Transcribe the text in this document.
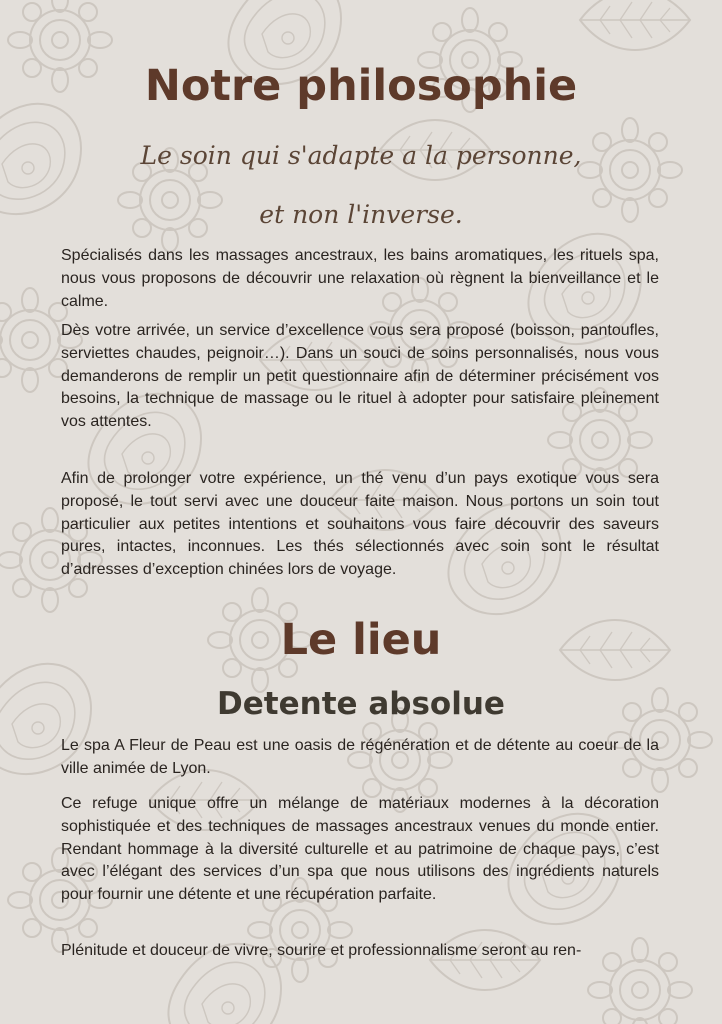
Notre philosophie

Le soin qui s'adapte a la personne,

et non l'inverse.

Spécialisés dans les massages ancestraux, les bains aromatiques, les rituels spa, nous vous proposons de découvrir une relaxation où règnent la bienveillance et le calme.

Dès votre arrivée, un service d’excellence vous sera proposé (boisson, pantoufles, serviettes chaudes, peignoir…). Dans un souci de soins personnalisés, nous vous demanderons de remplir un petit questionnaire afin de déterminer précisément vos besoins, la technique de massage ou le rituel à adopter pour satisfaire pleinement vos attentes.

Afin de prolonger votre expérience, un thé venu d’un pays exotique vous sera proposé, le tout servi avec une douceur faite maison. Nous portons un soin tout particulier aux petites intentions et souhaitons vous faire découvrir des saveurs pures, intactes, inconnues. Les thés sélectionnés avec soin sont le résultat d’adresses d’exception chinées lors de voyage.

Le lieu
Detente absolue

Le spa A Fleur de Peau est une oasis de régénération et de détente au coeur de la ville animée de Lyon.

Ce refuge unique offre un mélange de matériaux modernes à la décoration sophistiquée et des techniques de massages ancestraux venues du monde entier. Rendant hommage à la diversité culturelle et au patrimoine de chaque pays, c’est avec l’élégant des services d’un spa que nous utilisons des ingrédients naturels pour fournir une détente et une récupération parfaite.

Plénitude et douceur de vivre, sourire et professionnalisme seront au ren-
